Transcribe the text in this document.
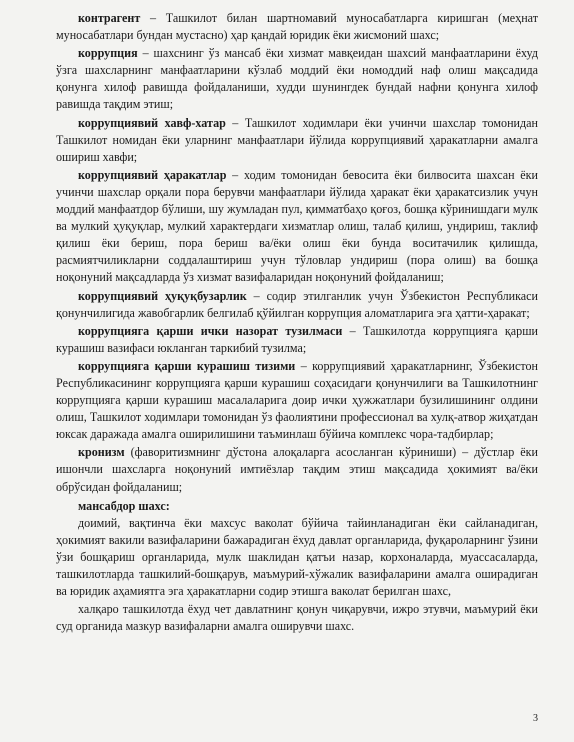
контрагент – Ташкилот билан шартномавий муносабатларга киришган (меҳнат муносабатлари бундан мустасно) ҳар қандай юридик ёки жисмоний шахс;

коррупция – шахснинг ўз мансаб ёки хизмат мавқеидан шахсий манфаатларини ёхуд ўзга шахсларнинг манфаатларини кўзлаб моддий ёки номоддий наф олиш мақсадида қонунга хилоф равишда фойдаланиши, худди шунингдек бундай нафни қонунга хилоф равишда тақдим этиш;

коррупциявий хавф-хатар – Ташкилот ходимлари ёки учинчи шахслар томонидан Ташкилот номидан ёки уларнинг манфаатлари йўлида коррупциявий ҳаракатларни амалга ошириш хавфи;

коррупциявий ҳаракатлар – ходим томонидан бевосита ёки билвосита шахсан ёки учинчи шахслар орқали пора берувчи манфаатлари йўлида ҳаракат ёки ҳаракатсизлик учун моддий манфаатдор бўлиши, шу жумладан пул, қимматбаҳо қоғоз, бошқа кўринишдаги мулк ва мулкий ҳуқуқлар, мулкий характердаги хизматлар олиш, талаб қилиш, ундириш, таклиф қилиш ёки бериш, пора бериш ва/ёки олиш ёки бунда воситачилик қилишда, расмиятчиликларни соддалаштириш учун тўловлар ундириш (пора олиш) ва бошқа ноқонуний мақсадларда ўз хизмат вазифаларидан ноқонуний фойдаланиш;

коррупциявий ҳуқуқбузарлик – содир этилганлик учун Ўзбекистон Республикаси қонунчилигида жавобгарлик белгилаб қўйилган коррупция аломатларига эга ҳатти-ҳаракат;

коррупцияга қарши ички назорат тузилмаси – Ташкилотда коррупцияга қарши курашиш вазифаси юкланган таркибий тузилма;

коррупцияга қарши курашиш тизими – коррупциявий ҳаракатларнинг, Ўзбекистон Республикасининг коррупцияга қарши курашиш соҳасидаги қонунчилиги ва Ташкилотнинг коррупцияга қарши курашиш масалаларига доир ички ҳужжатлари бузилишининг олдини олиш, Ташкилот ходимлари томонидан ўз фаолиятини профессионал ва хулқ-атвор жиҳатдан юксак даражада амалга оширилишини таъминлаш бўйича комплекс чора-тадбирлар;

кронизм (фаворитизмнинг дўстона алоқаларга асосланган кўриниши) – дўстлар ёки ишончли шахсларга ноқонуний имтиёзлар тақдим этиш мақсадида ҳокимият ва/ёки обрўсидан фойдаланиш;

мансабдор шахс:

доимий, вақтинча ёки махсус ваколат бўйича тайинланадиган ёки сайланадиган, ҳокимият вакили вазифаларини бажарадиган ёхуд давлат органларида, фуқароларнинг ўзини ўзи бошқариш органларида, мулк шаклидан қатъи назар, корхоналарда, муассасаларда, ташкилотларда ташкилий-бошқарув, маъмурий-хўжалик вазифаларини амалга оширадиган ва юридик аҳамиятга эга ҳаракатларни содир этишга ваколат берилган шахс,

халқаро ташкилотда ёхуд чет давлатнинг қонун чиқарувчи, ижро этувчи, маъмурий ёки суд органида мазкур вазифаларни амалга оширувчи шахс.

3
